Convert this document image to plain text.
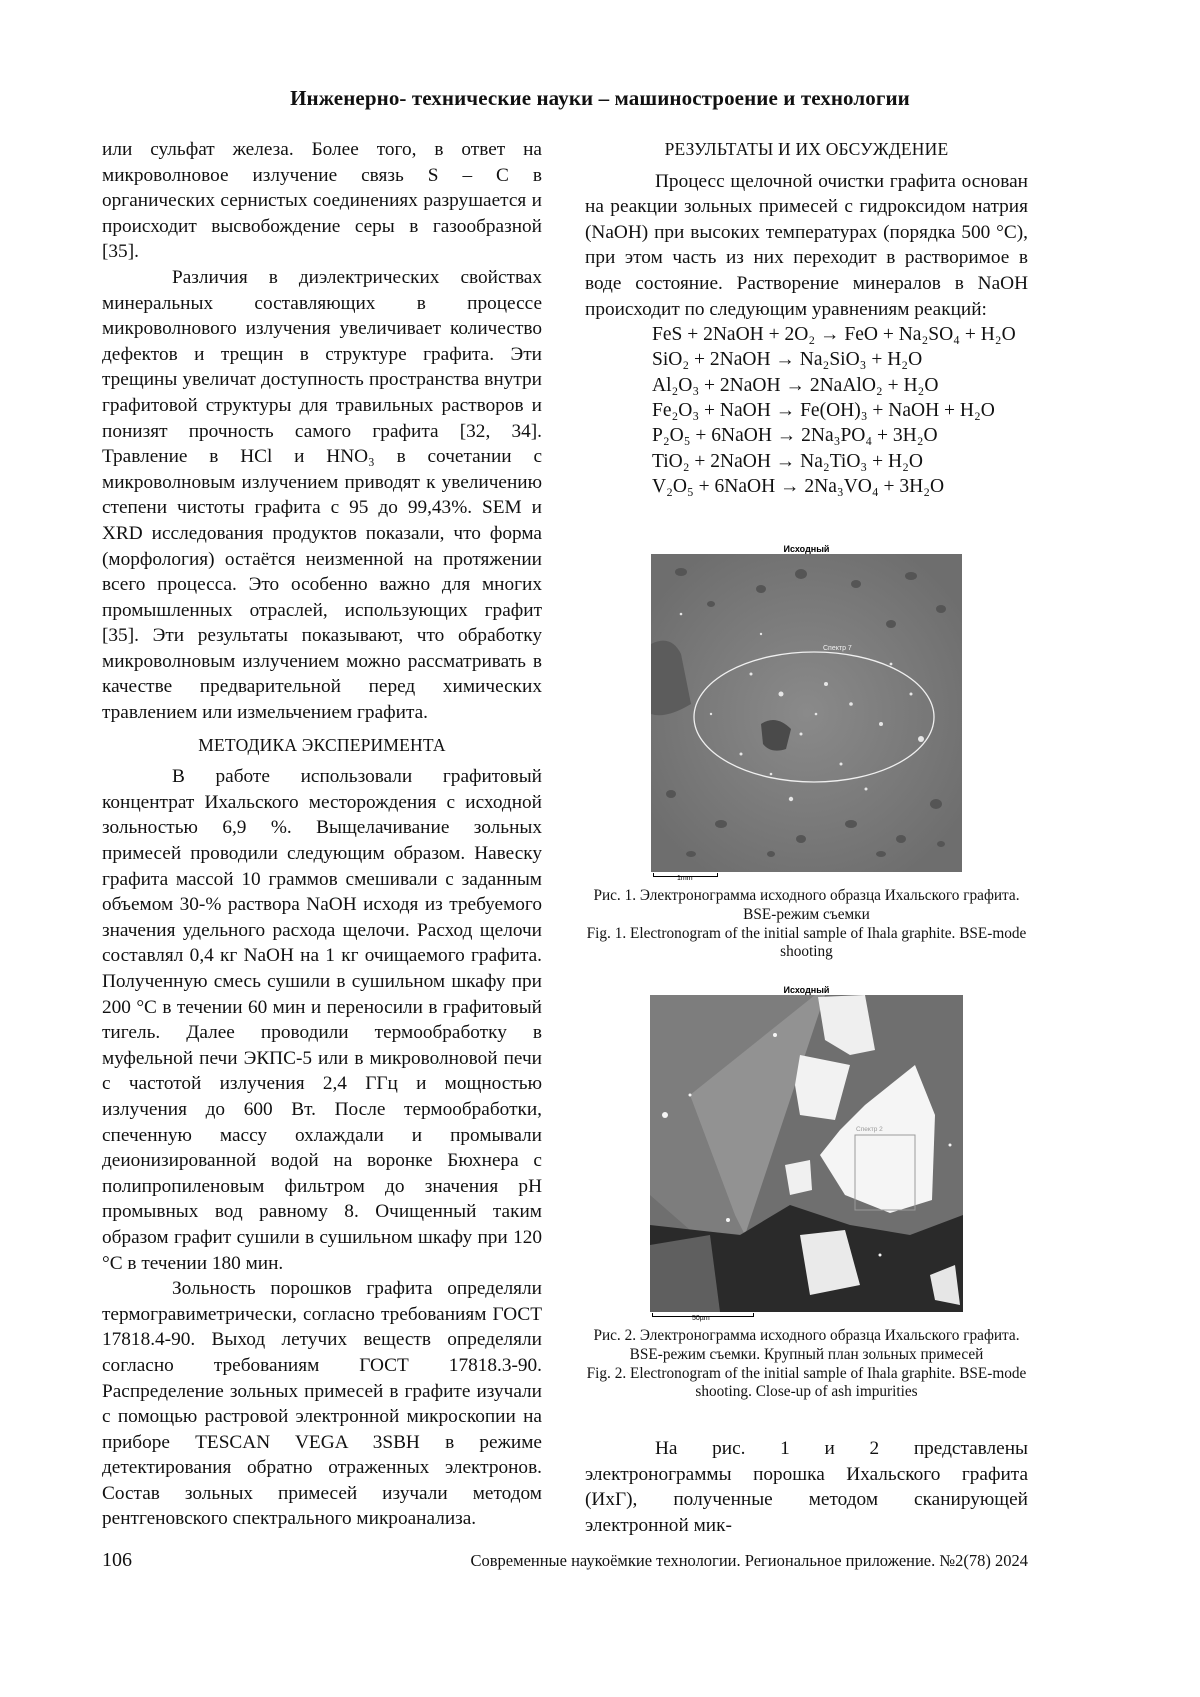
Инженерно- технические науки – машиностроение и технологии

или сульфат железа. Более того, в ответ на микроволновое излучение связь S – C в органических сернистых соединениях разрушается и происходит высвобождение серы в газообразной [35].

Различия в диэлектрических свойствах минеральных составляющих в процессе микроволнового излучения увеличивает количество дефектов и трещин в структуре графита. Эти трещины увеличат доступность пространства внутри графитовой структуры для травильных растворов и понизят прочность самого графита [32, 34]. Травление в HCl и HNO₃ в сочетании с микроволновым излучением приводят к увеличению степени чистоты графита с 95 до 99,43%. SEM и XRD исследования продуктов показали, что форма (морфология) остаётся неизменной на протяжении всего процесса. Это особенно важно для многих промышленных отраслей, использующих графит [35]. Эти результаты показывают, что обработку микроволновым излучением можно рассматривать в качестве предварительной перед химических травлением или измельчением графита.

МЕТОДИКА ЭКСПЕРИМЕНТА

В работе использовали графитовый концентрат Ихальского месторождения с исходной зольностью 6,9 %. Выщелачивание зольных примесей проводили следующим образом. Навеску графита массой 10 граммов смешивали с заданным объемом 30-% раствора NaOH исходя из требуемого значения удельного расхода щелочи. Расход щелочи составлял 0,4 кг NaOH на 1 кг очищаемого графита. Полученную смесь сушили в сушильном шкафу при 200 °C в течении 60 мин и переносили в графитовый тигель. Далее проводили термообработку в муфельной печи ЭКПС-5 или в микроволновой печи с частотой излучения 2,4 ГГц и мощностью излучения до 600 Вт. После термообработки, спеченную массу охлаждали и промывали деионизированной водой на воронке Бюхнера с полипропиленовым фильтром до значения pH промывных вод равному 8. Очищенный таким образом графит сушили в сушильном шкафу при 120 °C в течении 180 мин.

Зольность порошков графита определяли термогравиметрически, согласно требованиям ГОСТ 17818.4-90. Выход летучих веществ определяли согласно требованиям ГОСТ 17818.3-90. Распределение зольных примесей в графите изучали с помощью растровой электронной микроскопии на приборе TESCAN VEGA 3SBH в режиме детектирования обратно отраженных электронов. Состав зольных примесей изучали методом рентгеновского спектрального микроанализа.

РЕЗУЛЬТАТЫ И ИХ ОБСУЖДЕНИЕ

Процесс щелочной очистки графита основан на реакции зольных примесей с гидроксидом натрия (NaOH) при высоких температурах (порядка 500 °C), при этом часть из них переходит в растворимое в воде состояние. Растворение минералов в NaOH происходит по следующим уравнениям реакций:

FeS + 2NaOH + 2O₂ → FeO + Na₂SO₄ + H₂O
SiO₂ + 2NaOH → Na₂SiO₃ + H₂O
Al₂O₃ + 2NaOH → 2NaAlO₂ + H₂O
Fe₂O₃ + NaOH → Fe(OH)₃ + NaOH + H₂O
P₂O₅ + 6NaOH → 2Na₃PO₄ + 3H₂O
TiO₂ + 2NaOH → Na₂TiO₃ + H₂O
V₂O₅ + 6NaOH → 2Na₃VO₄ + 3H₂O
Исходный
Спектр 7
1mm

Рис. 1. Электронограмма исходного образца Ихальского графита. BSE-режим съемки

Fig. 1. Electronogram of the initial sample of Ihala graphite. BSE-mode shooting

Исходный
Спектр 2
50µm

Рис. 2. Электронограмма исходного образца Ихальского графита. BSE-режим съемки. Крупный план зольных примесей

Fig. 2. Electronogram of the initial sample of Ihala graphite. BSE-mode shooting. Close-up of ash impurities

На рис. 1 и 2 представлены электронограммы порошка Ихальского графита (ИхГ), полученные методом сканирующей электронной мик-

106	Современные наукоёмкие технологии. Региональное приложение. №2(78) 2024
